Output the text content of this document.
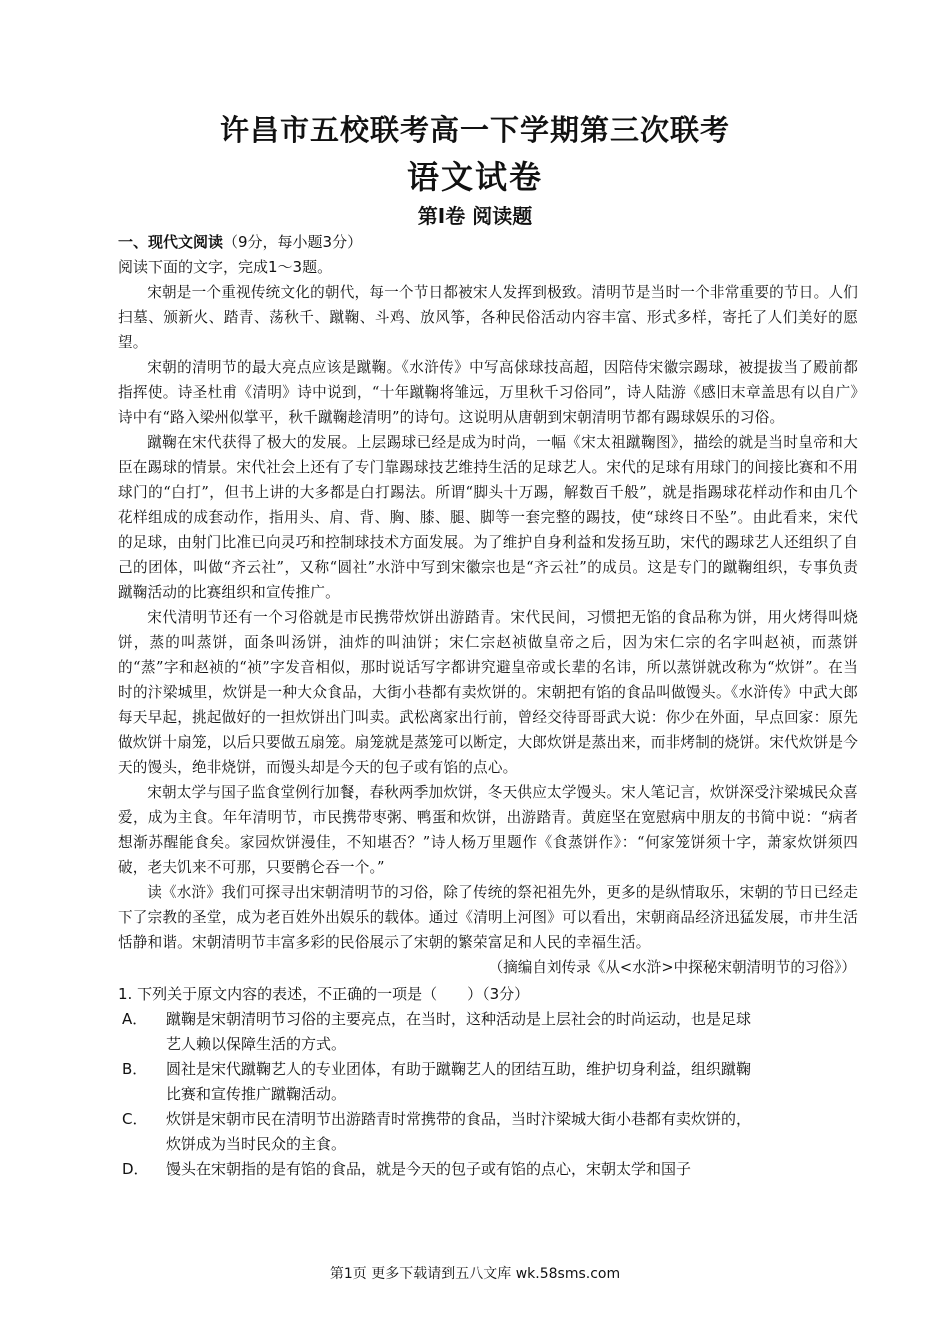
许昌市五校联考高一下学期第三次联考
语文试卷
第Ⅰ卷 阅读题
一、现代文阅读（9分，每小题3分）
阅读下面的文字，完成1～3题。
宋朝是一个重视传统文化的朝代，每一个节日都被宋人发挥到极致。清明节是当时一个非常重要的节日。人们扫墓、颁新火、踏青、荡秋千、蹴鞠、斗鸡、放风筝，各种民俗活动内容丰富、形式多样，寄托了人们美好的愿望。
宋朝的清明节的最大亮点应该是蹴鞠。《水浒传》中写高俅球技高超，因陪侍宋徽宗踢球，被提拔当了殿前都指挥使。诗圣杜甫《清明》诗中说到，“十年蹴鞠将雏远，万里秋千习俗同”，诗人陆游《感旧末章盖思有以自广》诗中有“路入梁州似掌平，秋千蹴鞠趁清明”的诗句。这说明从唐朝到宋朝清明节都有踢球娱乐的习俗。
蹴鞠在宋代获得了极大的发展。上层踢球已经是成为时尚，一幅《宋太祖蹴鞠图》，描绘的就是当时皇帝和大臣在踢球的情景。宋代社会上还有了专门靠踢球技艺维持生活的足球艺人。宋代的足球有用球门的间接比赛和不用球门的“白打”，但书上讲的大多都是白打踢法。所谓“脚头十万踢，解数百千般”，就是指踢球花样动作和由几个花样组成的成套动作，指用头、肩、背、胸、膝、腿、脚等一套完整的踢技，使“球终日不坠”。由此看来，宋代的足球，由射门比准已向灵巧和控制球技术方面发展。为了维护自身利益和发扬互助，宋代的踢球艺人还组织了自己的团体，叫做“齐云社”，又称“圆社”水浒中写到宋徽宗也是“齐云社”的成员。这是专门的蹴鞠组织，专事负责蹴鞠活动的比赛组织和宣传推广。
宋代清明节还有一个习俗就是市民携带炊饼出游踏青。宋代民间，习惯把无馅的食品称为饼，用火烤得叫烧饼，蒸的叫蒸饼，面条叫汤饼，油炸的叫油饼；宋仁宗赵祯做皇帝之后，因为宋仁宗的名字叫赵祯，而蒸饼的“蒸”字和赵祯的“祯”字发音相似，那时说话写字都讲究避皇帝或长辈的名讳，所以蒸饼就改称为“炊饼”。在当时的汴梁城里，炊饼是一种大众食品，大街小巷都有卖炊饼的。宋朝把有馅的食品叫做馒头。《水浒传》中武大郎每天早起，挑起做好的一担炊饼出门叫卖。武松离家出行前，曾经交待哥哥武大说：你少在外面，早点回家：原先做炊饼十扇笼，以后只要做五扇笼。扇笼就是蒸笼可以断定，大郎炊饼是蒸出来，而非烤制的烧饼。宋代炊饼是今天的馒头，绝非烧饼，而馒头却是今天的包子或有馅的点心。
宋朝太学与国子监食堂例行加餐，春秋两季加炊饼，冬天供应太学馒头。宋人笔记言，炊饼深受汴梁城民众喜爱，成为主食。年年清明节，市民携带枣粥、鸭蛋和炊饼，出游踏青。黄庭坚在宽慰病中朋友的书简中说：“病者想渐苏醒能食矣。家园炊饼漫佳，不知堪否？”诗人杨万里题作《食蒸饼作》：“何家笼饼须十字，萧家炊饼须四破，老夫饥来不可那，只要鹘仑吞一个。”
读《水浒》我们可探寻出宋朝清明节的习俗，除了传统的祭祀祖先外，更多的是纵情取乐，宋朝的节日已经走下了宗教的圣堂，成为老百姓外出娱乐的载体。通过《清明上河图》可以看出，宋朝商品经济迅猛发展，市井生活恬静和谐。宋朝清明节丰富多彩的民俗展示了宋朝的繁荣富足和人民的幸福生活。
（摘编自刘传录《从<水浒>中探秘宋朝清明节的习俗》）
1. 下列关于原文内容的表述，不正确的一项是（　　）（3分）
A． 蹴鞠是宋朝清明节习俗的主要亮点，在当时，这种活动是上层社会的时尚运动，也是足球艺人赖以保障生活的方式。
B． 圆社是宋代蹴鞠艺人的专业团体，有助于蹴鞠艺人的团结互助，维护切身利益，组织蹴鞠比赛和宣传推广蹴鞠活动。
C． 炊饼是宋朝市民在清明节出游踏青时常携带的食品，当时汴梁城大街小巷都有卖炊饼的，炊饼成为当时民众的主食。
D． 馒头在宋朝指的是有馅的食品，就是今天的包子或有馅的点心，宋朝太学和国子
第1页 更多下载请到五八文库 wk.58sms.com
